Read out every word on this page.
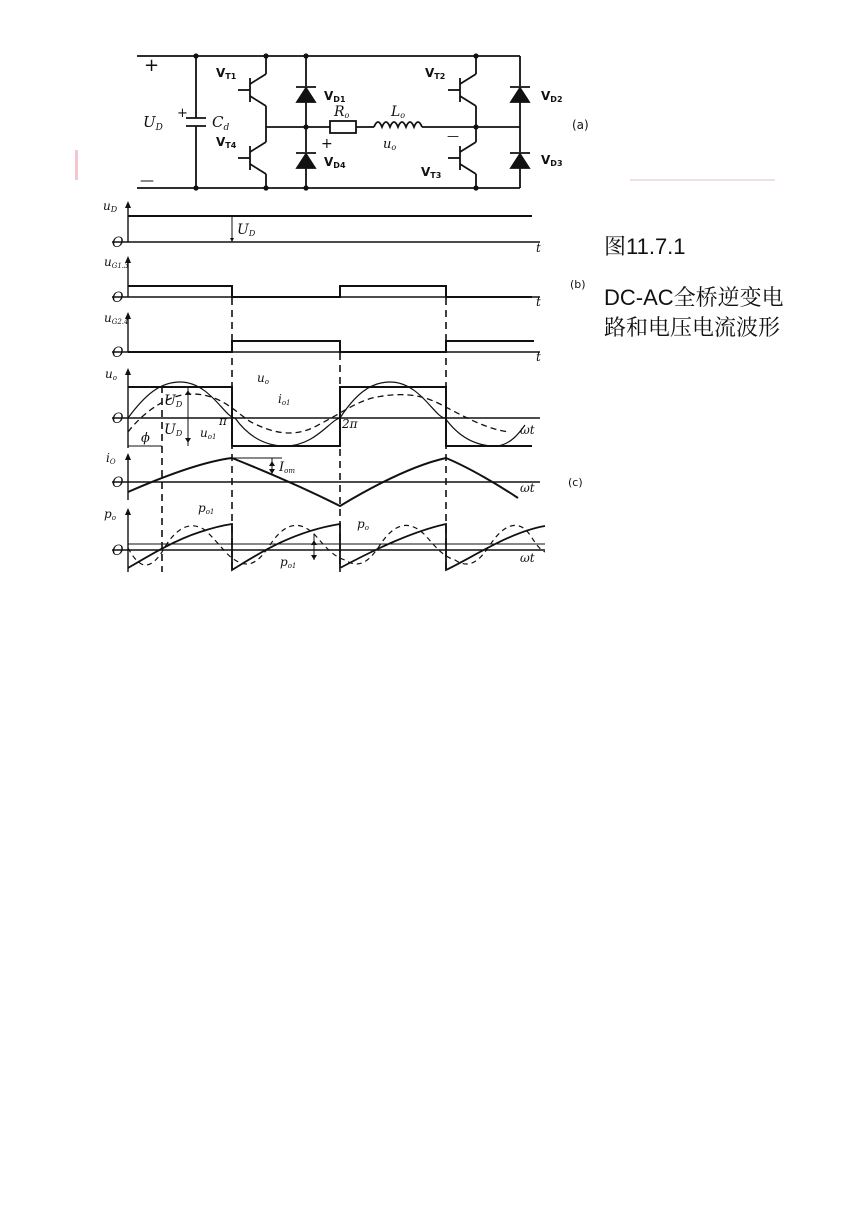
+
—
$U_D$
+ $C_d$
VT1
VT4
VD1
VD4
VT2
VT3
VD2
VD3
Ro	Lo
+	uo
—
(a)
uD
O	t
UD
uG1.3
O	t
(b)
uG2.4
O	t
uo	uo
io1
UD
UD
π
uo1
2π
ϕ
O
ωt
iO
O
Iom
ωt	(c)
po
po1
po
po1
O	ωt
图11.7.1
DC-AC全桥逆变电
路和电压电流波形
